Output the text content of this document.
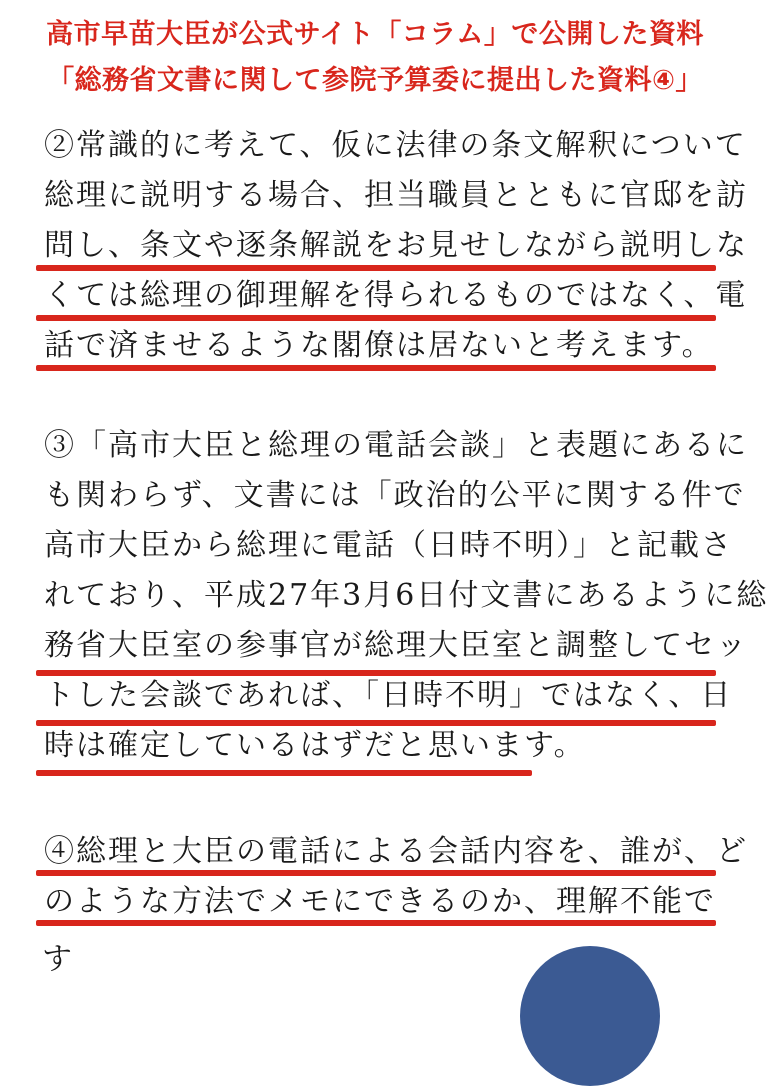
高市早苗大臣が公式サイト「コラム」で公開した資料
「総務省文書に関して参院予算委に提出した資料④」
②常識的に考えて、仮に法律の条文解釈について
総理に説明する場合、担当職員とともに官邸を訪
問し、条文や逐条解説をお見せしながら説明しな
くては総理の御理解を得られるものではなく、電
話で済ませるような閣僚は居ないと考えます。
③「高市大臣と総理の電話会談」と表題にあるに
も関わらず、文書には「政治的公平に関する件で
高市大臣から総理に電話（日時不明）」と記載さ
れており、平成27年3月6日付文書にあるように総
務省大臣室の参事官が総理大臣室と調整してセッ
トした会談であれば、「日時不明」ではなく、日
時は確定しているはずだと思います。
④総理と大臣の電話による会話内容を、誰が、ど
のような方法でメモにできるのか、理解不能で
す
